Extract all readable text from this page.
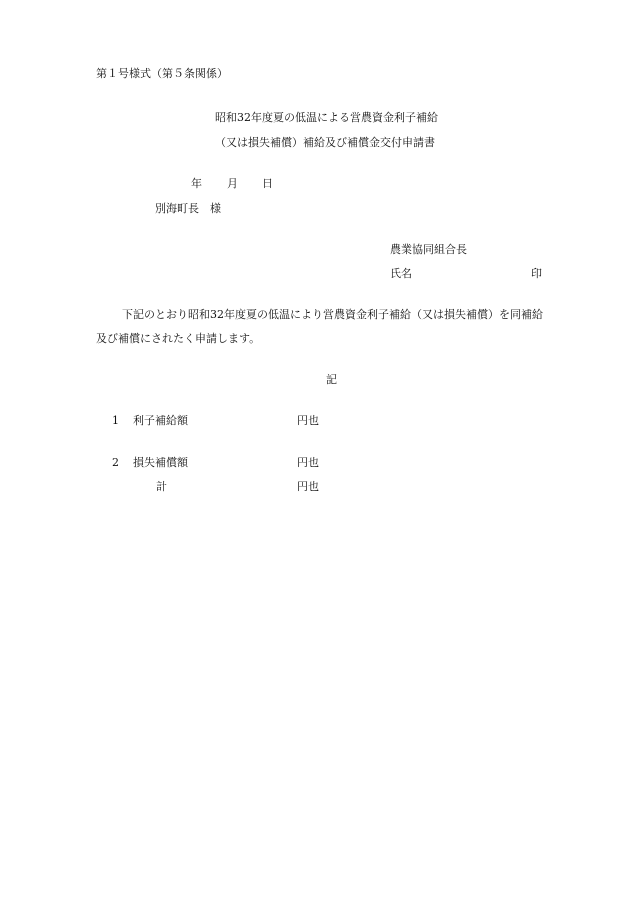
第１号様式（第５条関係）
昭和32年度夏の低温による営農資金利子補給
（又は損失補償）補給及び補償金交付申請書
年 月 日
別海町長　様
農業協同組合長
氏名	印
下記のとおり昭和32年度夏の低温により営農資金利子補給（又は損失補償）を同補給
及び補償にされたく申請します。
記
1 利子補給額	円也
2 損失補償額	円也
計	円也
